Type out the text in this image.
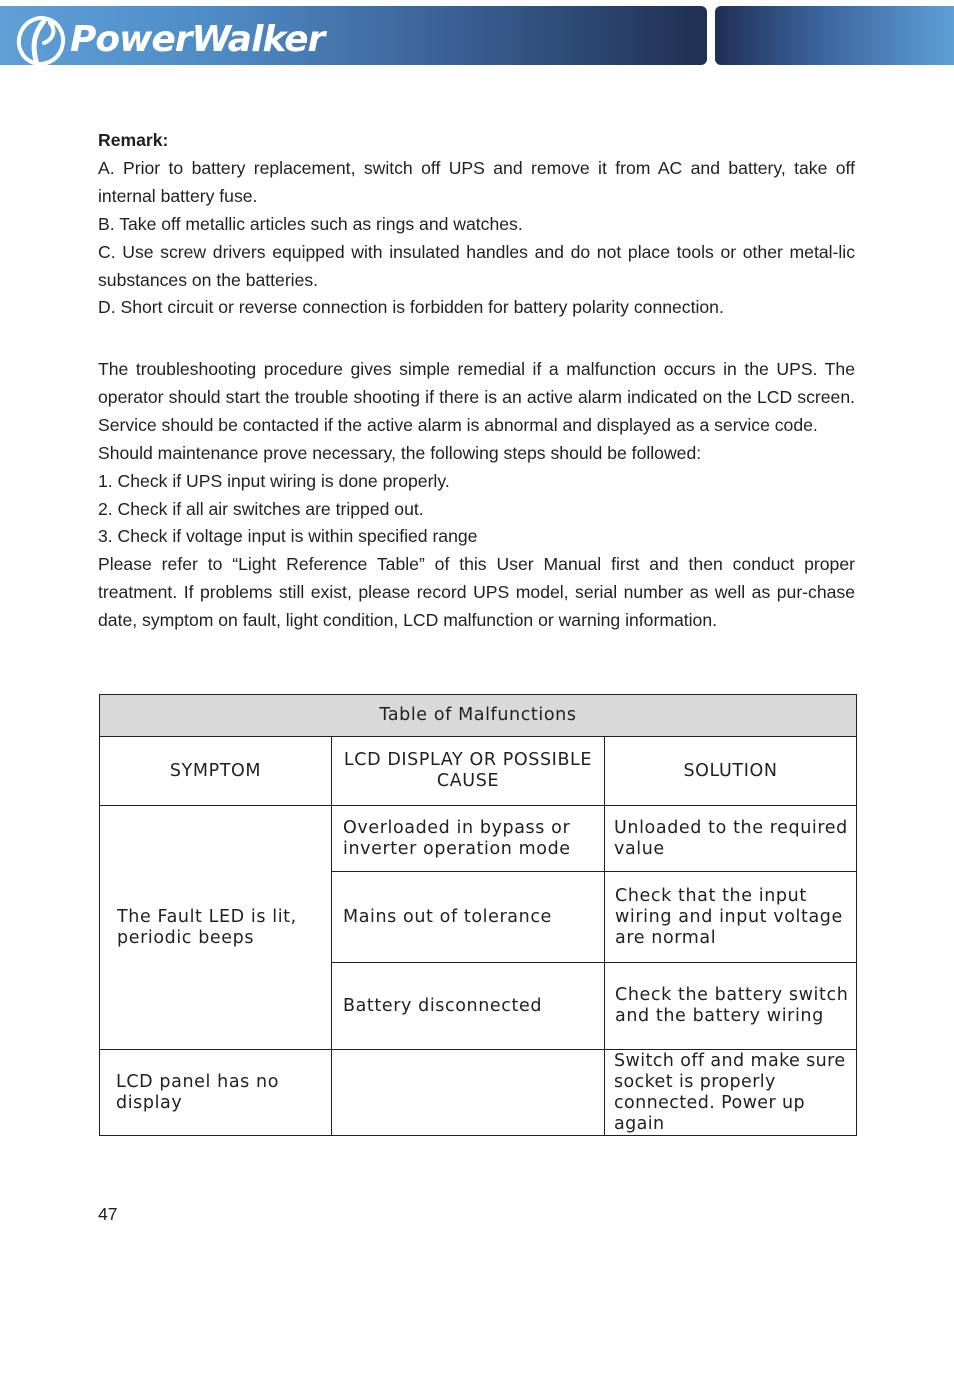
PowerWalker

Remark:

A. Prior to battery replacement, switch off UPS and remove it from AC and battery, take off internal battery fuse.

B. Take off metallic articles such as rings and watches.

C. Use screw drivers equipped with insulated handles and do not place tools or other metal-lic substances on the batteries.

D. Short circuit or reverse connection is forbidden for battery polarity connection.

The troubleshooting procedure gives simple remedial if a malfunction occurs in the UPS. The operator should start the trouble shooting if there is an active alarm indicated on the LCD screen. Service should be contacted if the active alarm is abnormal and displayed as a service code.

Should maintenance prove necessary, the following steps should be followed:

1. Check if UPS input wiring is done properly.

2. Check if all air switches are tripped out.

3. Check if voltage input is within specified range

Please refer to “Light Reference Table” of this User Manual first and then conduct proper treatment. If problems still exist, please record UPS model, serial number as well as pur-chase date, symptom on fault, light condition, LCD malfunction or warning information.

Table of Malfunctions		
SYMPTOM	LCD DISPLAY OR POSSIBLE CAUSE	SOLUTION

The Fault LED is lit, periodic beeps	Overloaded in bypass or inverter operation mode	Unloaded to the required value

	Mains out of tolerance	Check that the input wiring and input voltage are normal

	Battery disconnected	Check the battery switch and the battery wiring

LCD panel has no display		Switch off and make sure socket is properly connected. Power up again
47
